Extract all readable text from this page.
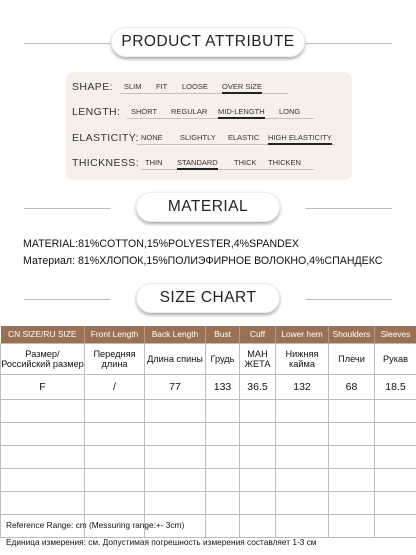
PRODUCT ATTRIBUTE
SLIM FIT LOOSE OVER SIZE
SHORT REGULAR MID-LENGTH LONG
NONE SLIGHTLY ELASTIC HIGH ELASTICITY
THIN STANDARD THICK THICKEN
MATERIAL
MATERIAL:81%COTTON,15%POLYESTER,4%SPANDEX
Материал: 81%ХЛОПОК,15%ПОЛИЭФИРНОЕ ВОЛОКНО,4%СПАНДЕКС
SIZE CHART
CN SIZE/RU SIZE	Front Length	Back Length	Bust	Cuff	Lower hem	Shoulders	Sleeves
Размер/Российский размер	Передняя длина	Длина спины	Грудь	МАН ЖЕТА	Нижняя кайма	Плечи	Рукав
F	/	77	133	36.5	132	68	18.5

Reference Range: cm (Messuring range:+- 3cm)
Единица измерения: см. Допустимая погрешность измерения составляет 1-3 см
